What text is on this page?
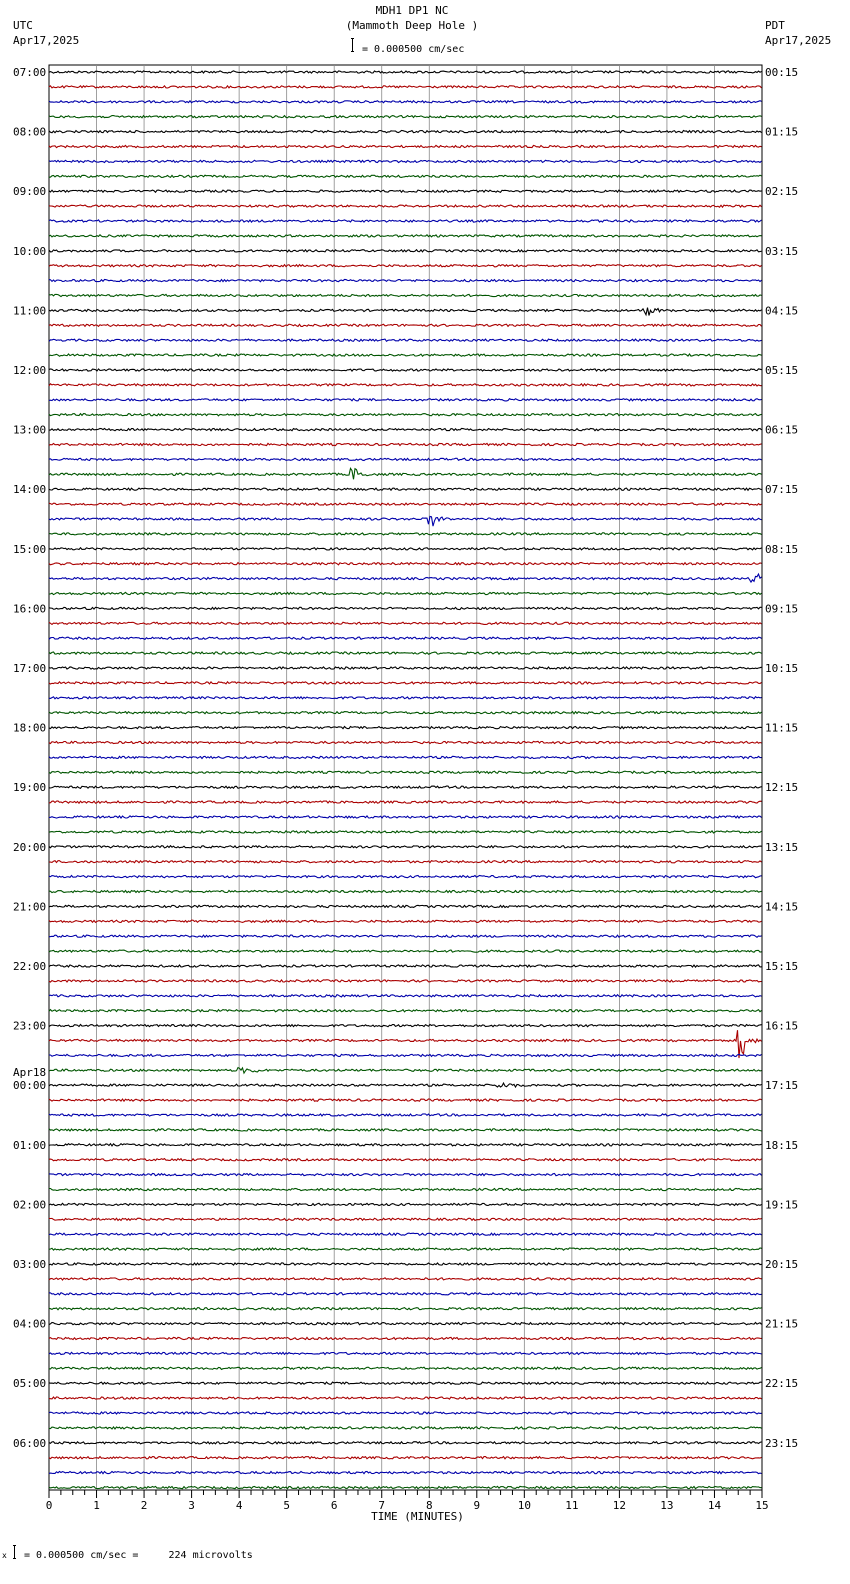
MDH1 DP1 NC
(Mammoth Deep Hole )
= 0.000500 cm/sec
UTC
Apr17,2025
PDT
Apr17,2025
07:00	00:15
08:00	01:15
09:00	02:15
10:00	03:15
11:00	04:15
12:00	05:15
13:00	06:15
14:00	07:15
15:00	08:15
16:00	09:15
17:00	10:15
18:00	11:15
19:00	12:15
20:00	13:15
21:00	14:15
22:00	15:15
23:00	16:15
00:00	17:15
Apr18
01:00	18:15
02:00	19:15
03:00	20:15
04:00	21:15
05:00	22:15
06:00	23:15
0	1	2	3	4	5	6	7	8	9	10	11	12	13	14	15
TIME (MINUTES)
x = 0.000500 cm/sec =     224 microvolts
